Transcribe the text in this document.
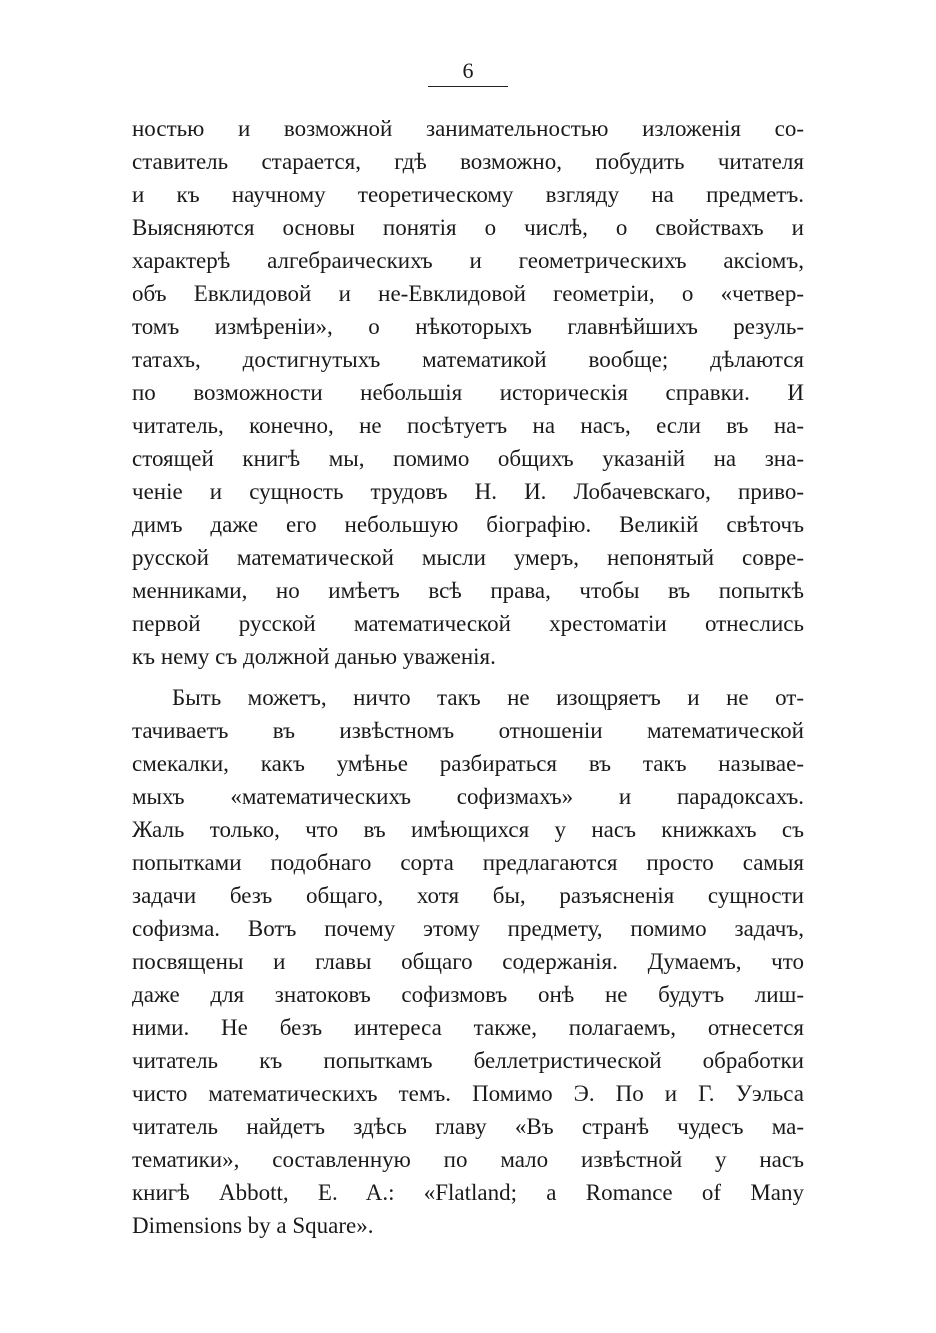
6
ностью и возможной занимательностью изложенія со-
ставитель старается, гдѣ возможно, побудить читателя
и къ научному теоретическому взгляду на предметъ.
Выясняются основы понятія о числѣ, о свойствахъ и
характерѣ алгебраическихъ и геометрическихъ аксіомъ,
объ Евклидовой и не-Евклидовой геометріи, о «четвер-
томъ измѣреніи», о нѣкоторыхъ главнѣйшихъ резуль-
татахъ, достигнутыхъ математикой вообще; дѣлаются
по возможности небольшія историческія справки. И
читатель, конечно, не посѣтуетъ на насъ, если въ на-
стоящей книгѣ мы, помимо общихъ указаній на зна-
ченіе и сущность трудовъ Н. И. Лобачевскаго, приво-
димъ даже его небольшую біографію. Великій свѣточъ
русской математической мысли умеръ, непонятый совре-
менниками, но имѣетъ всѣ права, чтобы въ попыткѣ
первой русской математической хрестоматіи отнеслись
къ нему съ должной данью уваженія.
Быть можетъ, ничто такъ не изощряетъ и не от-
тачиваетъ въ извѣстномъ отношеніи математической
смекалки, какъ умѣнье разбираться въ такъ называе-
мыхъ «математическихъ софизмахъ» и парадоксахъ.
Жаль только, что въ имѣющихся у насъ книжкахъ съ
попытками подобнаго сорта предлагаются просто самыя
задачи безъ общаго, хотя бы, разъясненія сущности
софизма. Вотъ почему этому предмету, помимо задачъ,
посвящены и главы общаго содержанія. Думаемъ, что
даже для знатоковъ софизмовъ онѣ не будутъ лиш-
ними. Не безъ интереса также, полагаемъ, отнесется
читатель къ попыткамъ беллетристической обработки
чисто математическихъ темъ. Помимо Э. По и Г. Уэльса
читатель найдетъ здѣсь главу «Въ странѣ чудесъ ма-
тематики», составленную по мало извѣстной у насъ
книгѣ Abbott, E. A.: «Flatland; a Romance of Many
Dimensions by a Square».
